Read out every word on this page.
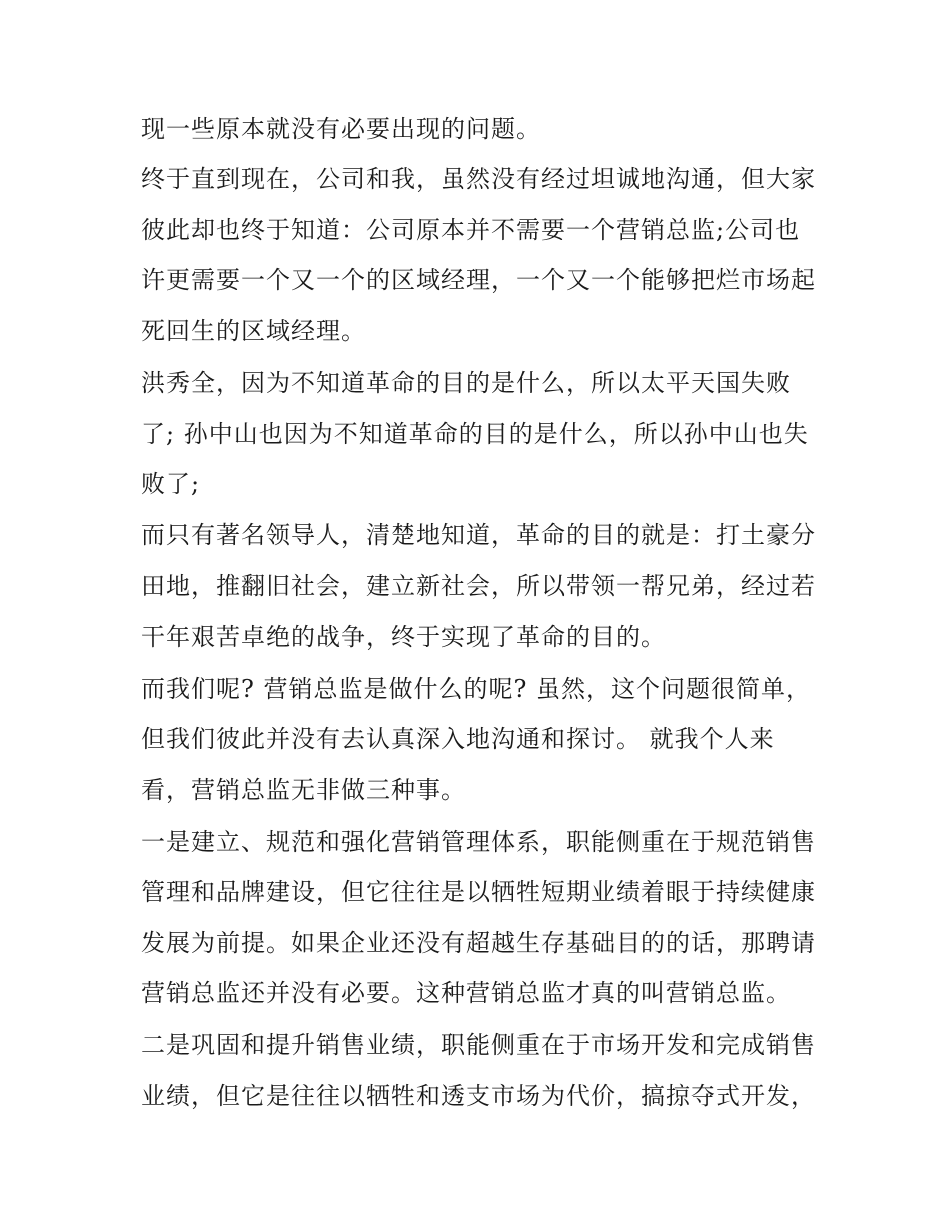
现一些原本就没有必要出现的问题。
终于直到现在，公司和我，虽然没有经过坦诚地沟通，但大家
彼此却也终于知道：公司原本并不需要一个营销总监;公司也
许更需要一个又一个的区域经理，一个又一个能够把烂市场起
死回生的区域经理。
洪秀全，因为不知道革命的目的是什么，所以太平天国失败
了; 孙中山也因为不知道革命的目的是什么，所以孙中山也失
败了;
而只有著名领导人，清楚地知道，革命的目的就是：打土豪分
田地，推翻旧社会，建立新社会，所以带领一帮兄弟，经过若
干年艰苦卓绝的战争，终于实现了革命的目的。
而我们呢? 营销总监是做什么的呢? 虽然，这个问题很简单，
但我们彼此并没有去认真深入地沟通和探讨。 就我个人来
看，营销总监无非做三种事。
一是建立、规范和强化营销管理体系，职能侧重在于规范销售
管理和品牌建设，但它往往是以牺牲短期业绩着眼于持续健康
发展为前提。如果企业还没有超越生存基础目的的话，那聘请
营销总监还并没有必要。这种营销总监才真的叫营销总监。
二是巩固和提升销售业绩，职能侧重在于市场开发和完成销售
业绩，但它是往往以牺牲和透支市场为代价，搞掠夺式开发，
